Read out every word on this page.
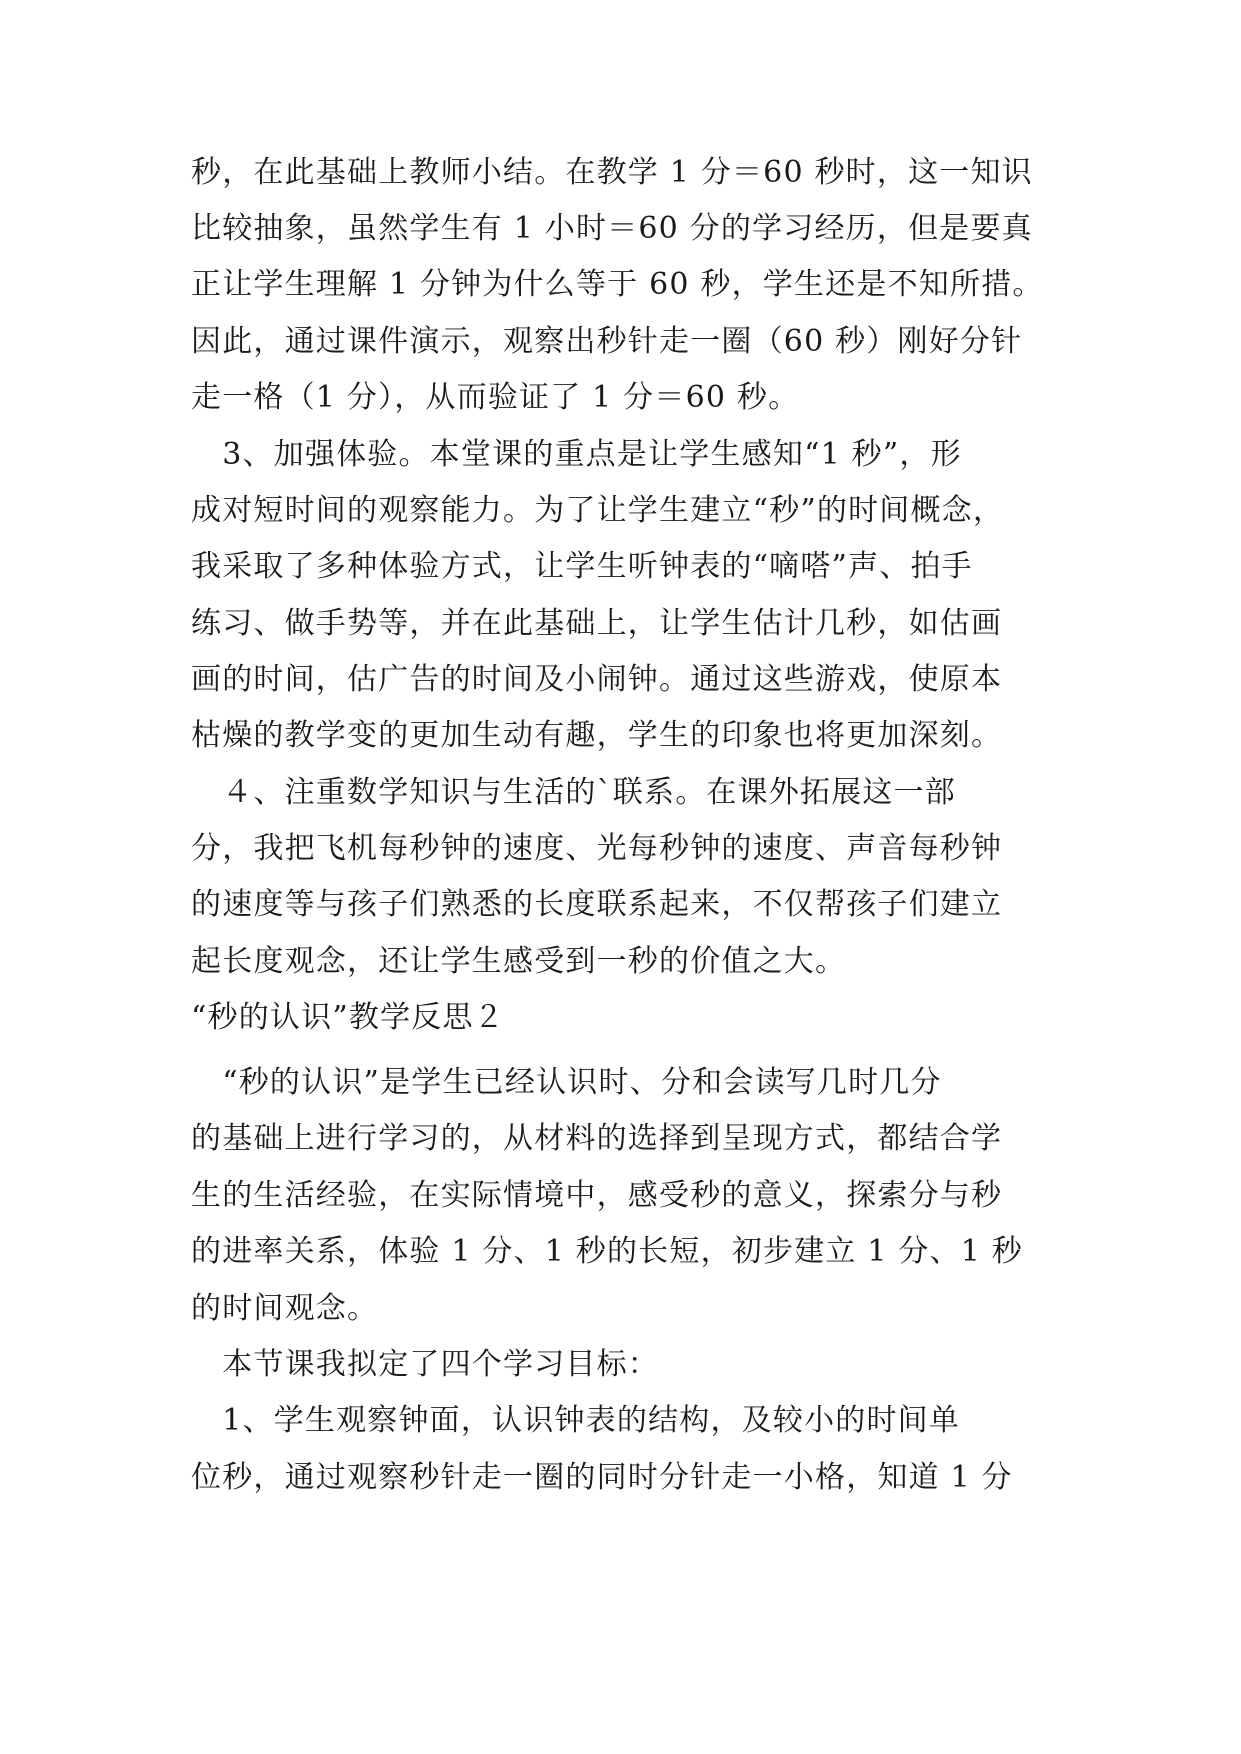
秒，在此基础上教师小结。在教学 1 分＝60 秒时，这一知识
比较抽象，虽然学生有 1 小时＝60 分的学习经历，但是要真
正让学生理解 1 分钟为什么等于 60 秒，学生还是不知所措。
因此，通过课件演示，观察出秒针走一圈（60 秒）刚好分针
走一格（1 分），从而验证了 1 分＝60 秒。
　3、加强体验。本堂课的重点是让学生感知“1 秒”，形
成对短时间的观察能力。为了让学生建立“秒”的时间概念，
我采取了多种体验方式，让学生听钟表的“嘀嗒”声、拍手
练习、做手势等，并在此基础上，让学生估计几秒，如估画
画的时间，估广告的时间及小闹钟。通过这些游戏，使原本
枯燥的教学变的更加生动有趣，学生的印象也将更加深刻。
　４、注重数学知识与生活的`联系。在课外拓展这一部
分，我把飞机每秒钟的速度、光每秒钟的速度、声音每秒钟
的速度等与孩子们熟悉的长度联系起来，不仅帮孩子们建立
起长度观念，还让学生感受到一秒的价值之大。
“秒的认识”教学反思２
　“秒的认识”是学生已经认识时、分和会读写几时几分
的基础上进行学习的，从材料的选择到呈现方式，都结合学
生的生活经验，在实际情境中，感受秒的意义，探索分与秒
的进率关系，体验 1 分、1 秒的长短，初步建立 1 分、1 秒
的时间观念。
　本节课我拟定了四个学习目标：
　1、学生观察钟面，认识钟表的结构，及较小的时间单
位秒，通过观察秒针走一圈的同时分针走一小格，知道 1 分
